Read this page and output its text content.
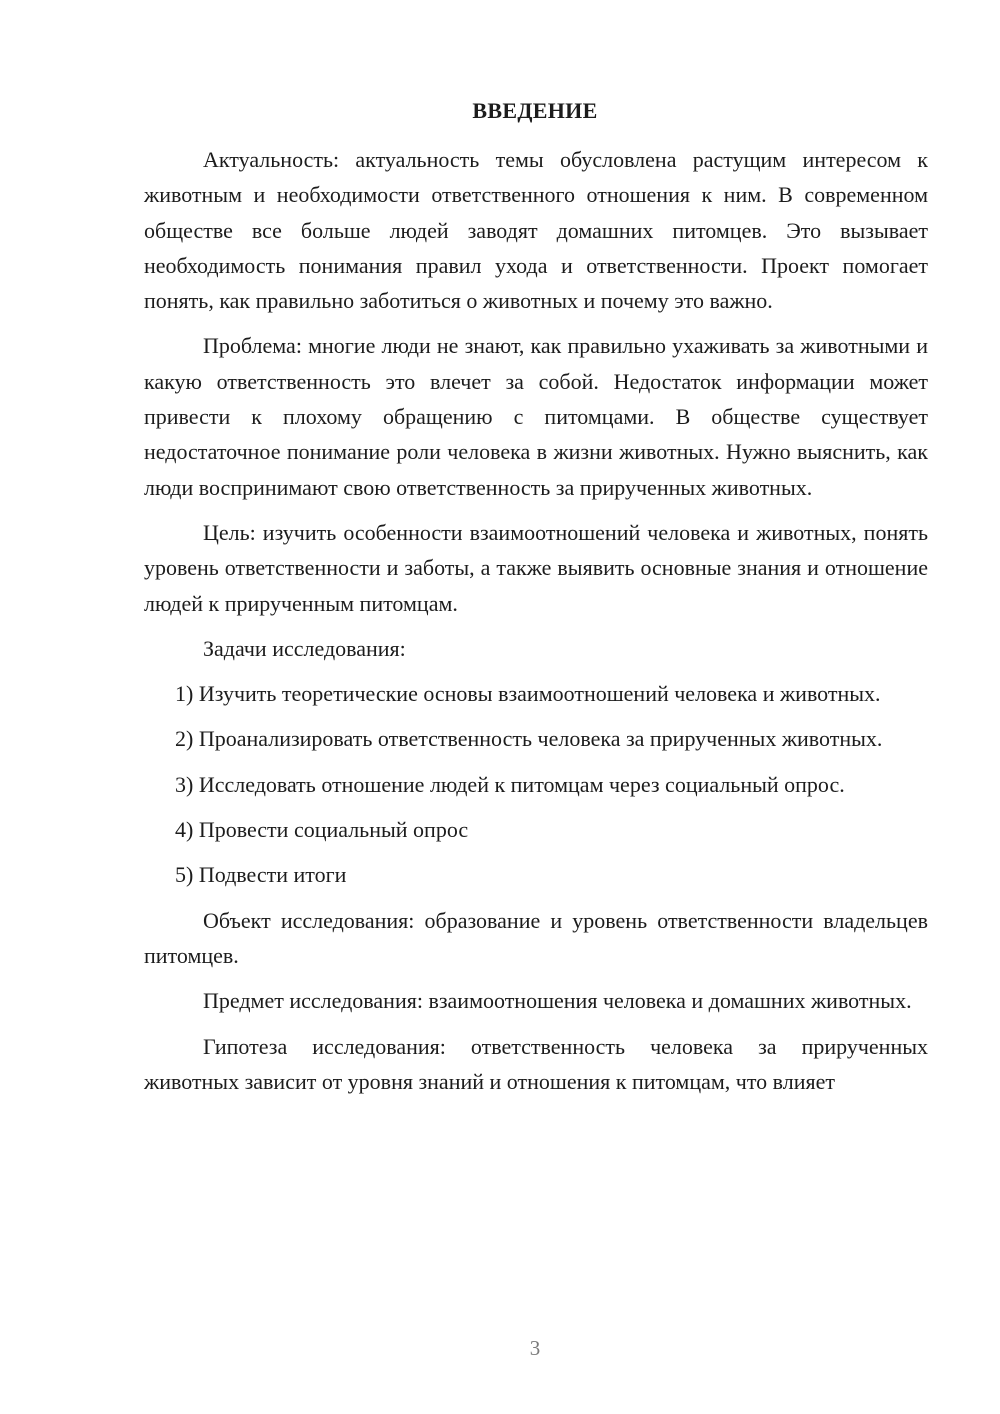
ВВЕДЕНИЕ

Актуальность: актуальность темы обусловлена растущим интересом к животным и необходимости ответственного отношения к ним. В современном обществе все больше людей заводят домашних питомцев. Это вызывает необходимость понимания правил ухода и ответственности. Проект помогает понять, как правильно заботиться о животных и почему это важно.

Проблема: многие люди не знают, как правильно ухаживать за животными и какую ответственность это влечет за собой. Недостаток информации может привести к плохому обращению с питомцами. В обществе существует недостаточное понимание роли человека в жизни животных. Нужно выяснить, как люди воспринимают свою ответственность за прирученных животных.

Цель: изучить особенности взаимоотношений человека и животных, понять уровень ответственности и заботы, а также выявить основные знания и отношение людей к прирученным питомцам.

Задачи исследования:

1) Изучить теоретические основы взаимоотношений человека и животных.

2) Проанализировать ответственность человека за прирученных животных.

3) Исследовать отношение людей к питомцам через социальный опрос.

4) Провести социальный опрос

5) Подвести итоги

Объект исследования: образование и уровень ответственности владельцев питомцев.

Предмет исследования: взаимоотношения человека и домашних животных.

Гипотеза исследования: ответственность человека за прирученных животных зависит от уровня знаний и отношения к питомцам, что влияет

3
